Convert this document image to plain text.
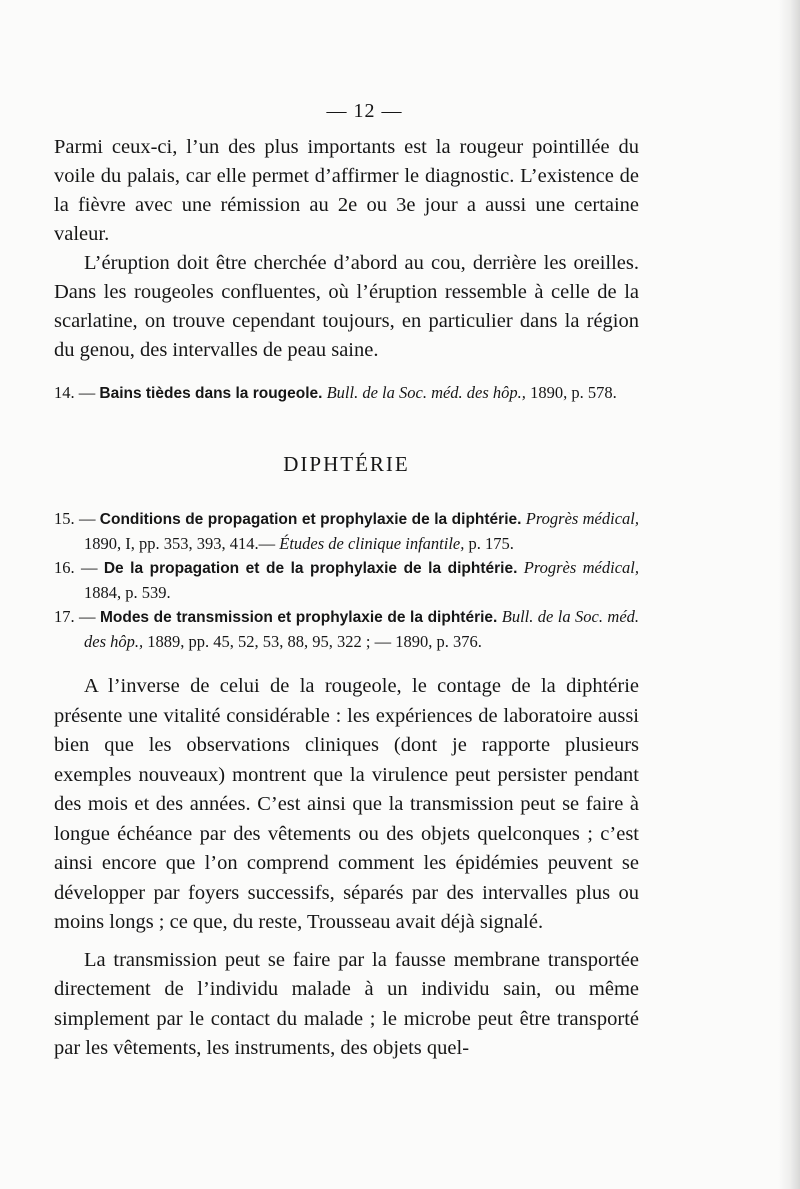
— 12 —

Parmi ceux-ci, l’un des plus importants est la rougeur pointillée du voile du palais, car elle permet d’affirmer le diagnostic. L’existence de la fièvre avec une rémission au 2e ou 3e jour a aussi une certaine valeur.

L’éruption doit être cherchée d’abord au cou, derrière les oreilles. Dans les rougeoles confluentes, où l’éruption ressemble à celle de la scarlatine, on trouve cependant toujours, en particulier dans la région du genou, des intervalles de peau saine.

14. — Bains tièdes dans la rougeole. Bull. de la Soc. méd. des hôp., 1890, p. 578.

DIPHTÉRIE

15. — Conditions de propagation et prophylaxie de la diphtérie. Progrès médical, 1890, I, pp. 353, 393, 414.— Études de clinique infantile, p. 175.

16. — De la propagation et de la prophylaxie de la diphtérie. Progrès médical, 1884, p. 539.

17. — Modes de transmission et prophylaxie de la diphtérie. Bull. de la Soc. méd. des hôp., 1889, pp. 45, 52, 53, 88, 95, 322 ; — 1890, p. 376.

A l’inverse de celui de la rougeole, le contage de la diphtérie présente une vitalité considérable : les expériences de laboratoire aussi bien que les observations cliniques (dont je rapporte plusieurs exemples nouveaux) montrent que la virulence peut persister pendant des mois et des années. C’est ainsi que la transmission peut se faire à longue échéance par des vêtements ou des objets quelconques ; c’est ainsi encore que l’on comprend comment les épidémies peuvent se développer par foyers successifs, séparés par des intervalles plus ou moins longs ; ce que, du reste, Trousseau avait déjà signalé.

La transmission peut se faire par la fausse membrane transportée directement de l’individu malade à un individu sain, ou même simplement par le contact du malade ; le microbe peut être transporté par les vêtements, les instruments, des objets quel-
